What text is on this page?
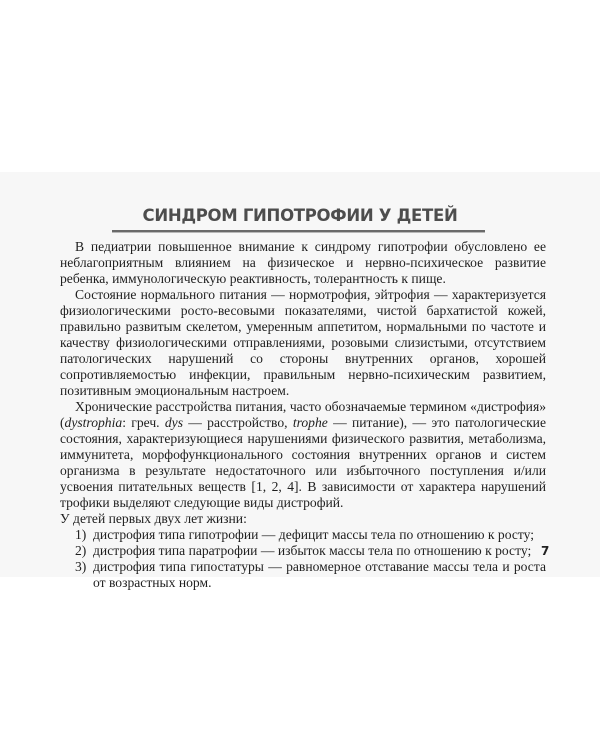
СИНДРОМ ГИПОТРОФИИ У ДЕТЕЙ

В педиатрии повышенное внимание к синдрому гипотрофии обусловлено ее неблагоприятным влиянием на физическое и нервно-психическое развитие ребенка, иммунологическую реактивность, толерантность к пище.

Состояние нормального питания — нормотрофия, эйтрофия — характеризуется физиологическими росто-весовыми показателями, чистой бархатистой кожей, правильно развитым скелетом, умеренным аппетитом, нормальными по частоте и качеству физиологическими отправлениями, розовыми слизистыми, отсутствием патологических нарушений со стороны внутренних органов, хорошей сопротивляемостью инфекции, правильным нервно-психическим развитием, позитивным эмоциональным настроем.

Хронические расстройства питания, часто обозначаемые термином «дистрофия» (dystrophia: греч. dys — расстройство, trophe — питание), — это патологические состояния, характеризующиеся нарушениями физического развития, метаболизма, иммунитета, морфофункционального состояния внутренних органов и систем организма в результате недостаточного или избыточного поступления и/или усвоения питательных веществ [1, 2, 4]. В зависимости от характера нарушений трофики выделяют следующие виды дистрофий.

У детей первых двух лет жизни:

1) дистрофия типа гипотрофии — дефицит массы тела по отношению к росту;
2) дистрофия типа паратрофии — избыток массы тела по отношению к росту;
3) дистрофия типа гипостатуры — равномерное отставание массы тела и роста от возрастных норм.
7
